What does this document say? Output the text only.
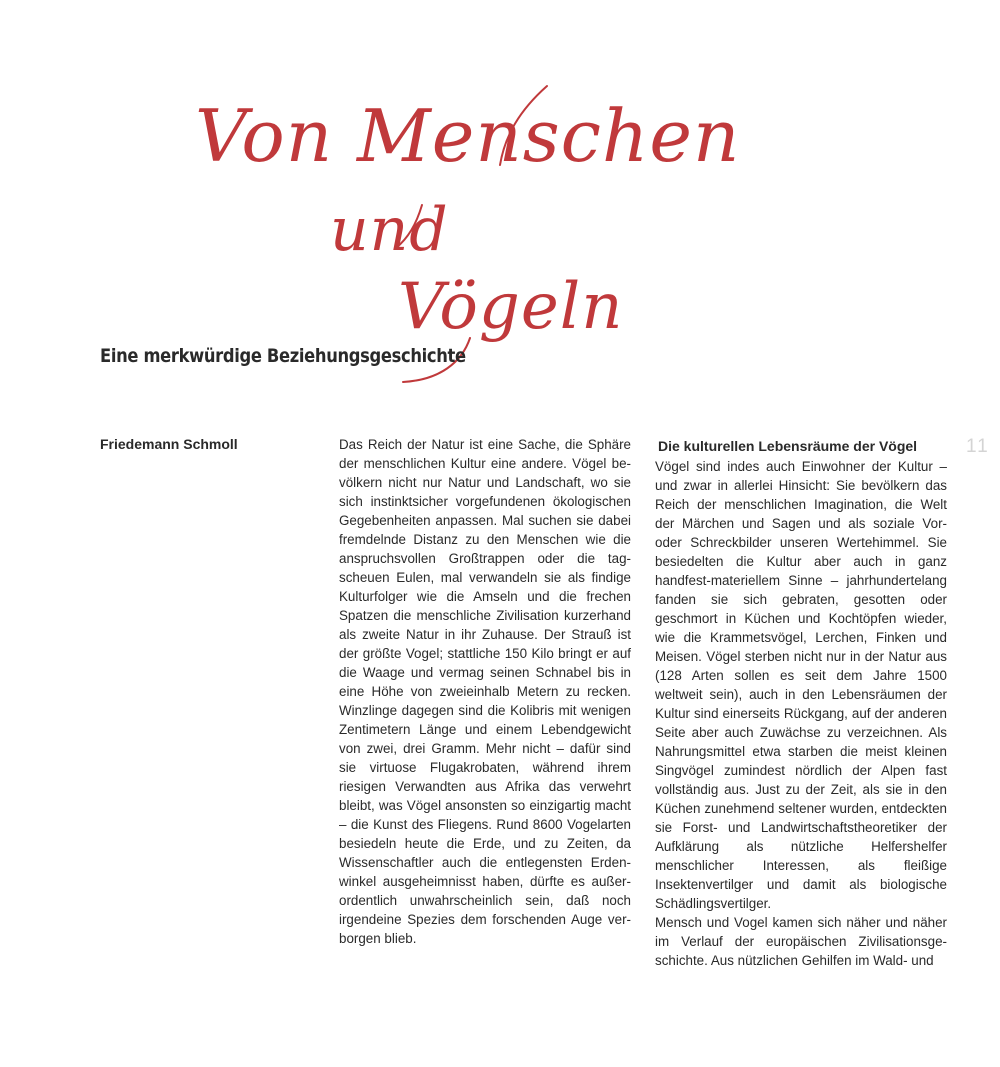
Von Menschen
und
Vögeln
Eine merkwürdige Beziehungsgeschichte

Friedemann Schmoll	11

Das Reich der Natur ist eine Sache, die Sphäre der menschlichen Kultur eine andere. Vögel bevölkern nicht nur Natur und Landschaft, wo sie sich instinktsicher vorgefundenen ökologischen Gegebenheiten anpassen. Mal suchen sie dabei fremdelnde Distanz zu den Menschen wie die anspruchsvollen Großtrappen oder die tagscheuen Eulen, mal verwandeln sie als findige Kulturfolger wie die Amseln und die frechen Spatzen die menschliche Zivilisation kurzerhand als zweite Natur in ihr Zuhause. Der Strauß ist der größte Vogel; stattliche 150 Kilo bringt er auf die Waage und vermag seinen Schnabel bis in eine Höhe von zweieinhalb Metern zu recken. Winzlinge dagegen sind die Kolibris mit wenigen Zentimetern Länge und einem Lebendgewicht von zwei, drei Gramm. Mehr nicht – dafür sind sie virtuose Flugakrobaten, während ihrem riesigen Verwandten aus Afrika das verwehrt bleibt, was Vögel ansonsten so einzigartig macht – die Kunst des Fliegens. Rund 8600 Vogelarten besiedeln heute die Erde, und zu Zeiten, da Wissenschaftler auch die entlegensten Erdenwinkel ausgeheimnisst haben, dürfte es außerordentlich unwahrscheinlich sein, daß noch irgendeine Spezies dem forschenden Auge verborgen blieb.

Die kulturellen Lebensräume der Vögel

Vögel sind indes auch Einwohner der Kultur – und zwar in allerlei Hinsicht: Sie bevölkern das Reich der menschlichen Imagination, die Welt der Märchen und Sagen und als soziale Vor- oder Schreckbilder unseren Wertehimmel. Sie besiedelten die Kultur aber auch in ganz handfest-materiellem Sinne – jahrhundertelang fanden sie sich gebraten, gesotten oder geschmort in Küchen und Kochtöpfen wieder, wie die Krammetsvögel, Lerchen, Finken und Meisen. Vögel sterben nicht nur in der Natur aus (128 Arten sollen es seit dem Jahre 1500 weltweit sein), auch in den Lebensräumen der Kultur sind einerseits Rückgang, auf der anderen Seite aber auch Zuwächse zu verzeichnen. Als Nahrungsmittel etwa starben die meist kleinen Singvögel zumindest nördlich der Alpen fast vollständig aus. Just zu der Zeit, als sie in den Küchen zunehmend seltener wurden, entdeckten sie Forst- und Landwirtschaftstheoretiker der Aufklärung als nützliche Helfershelfer menschlicher Interessen, als fleißige Insektenvertilger und damit als biologische Schädlingsvertilger.

Mensch und Vogel kamen sich näher und näher im Verlauf der europäischen Zivilisationsgeschichte. Aus nützlichen Gehilfen im Wald- und
